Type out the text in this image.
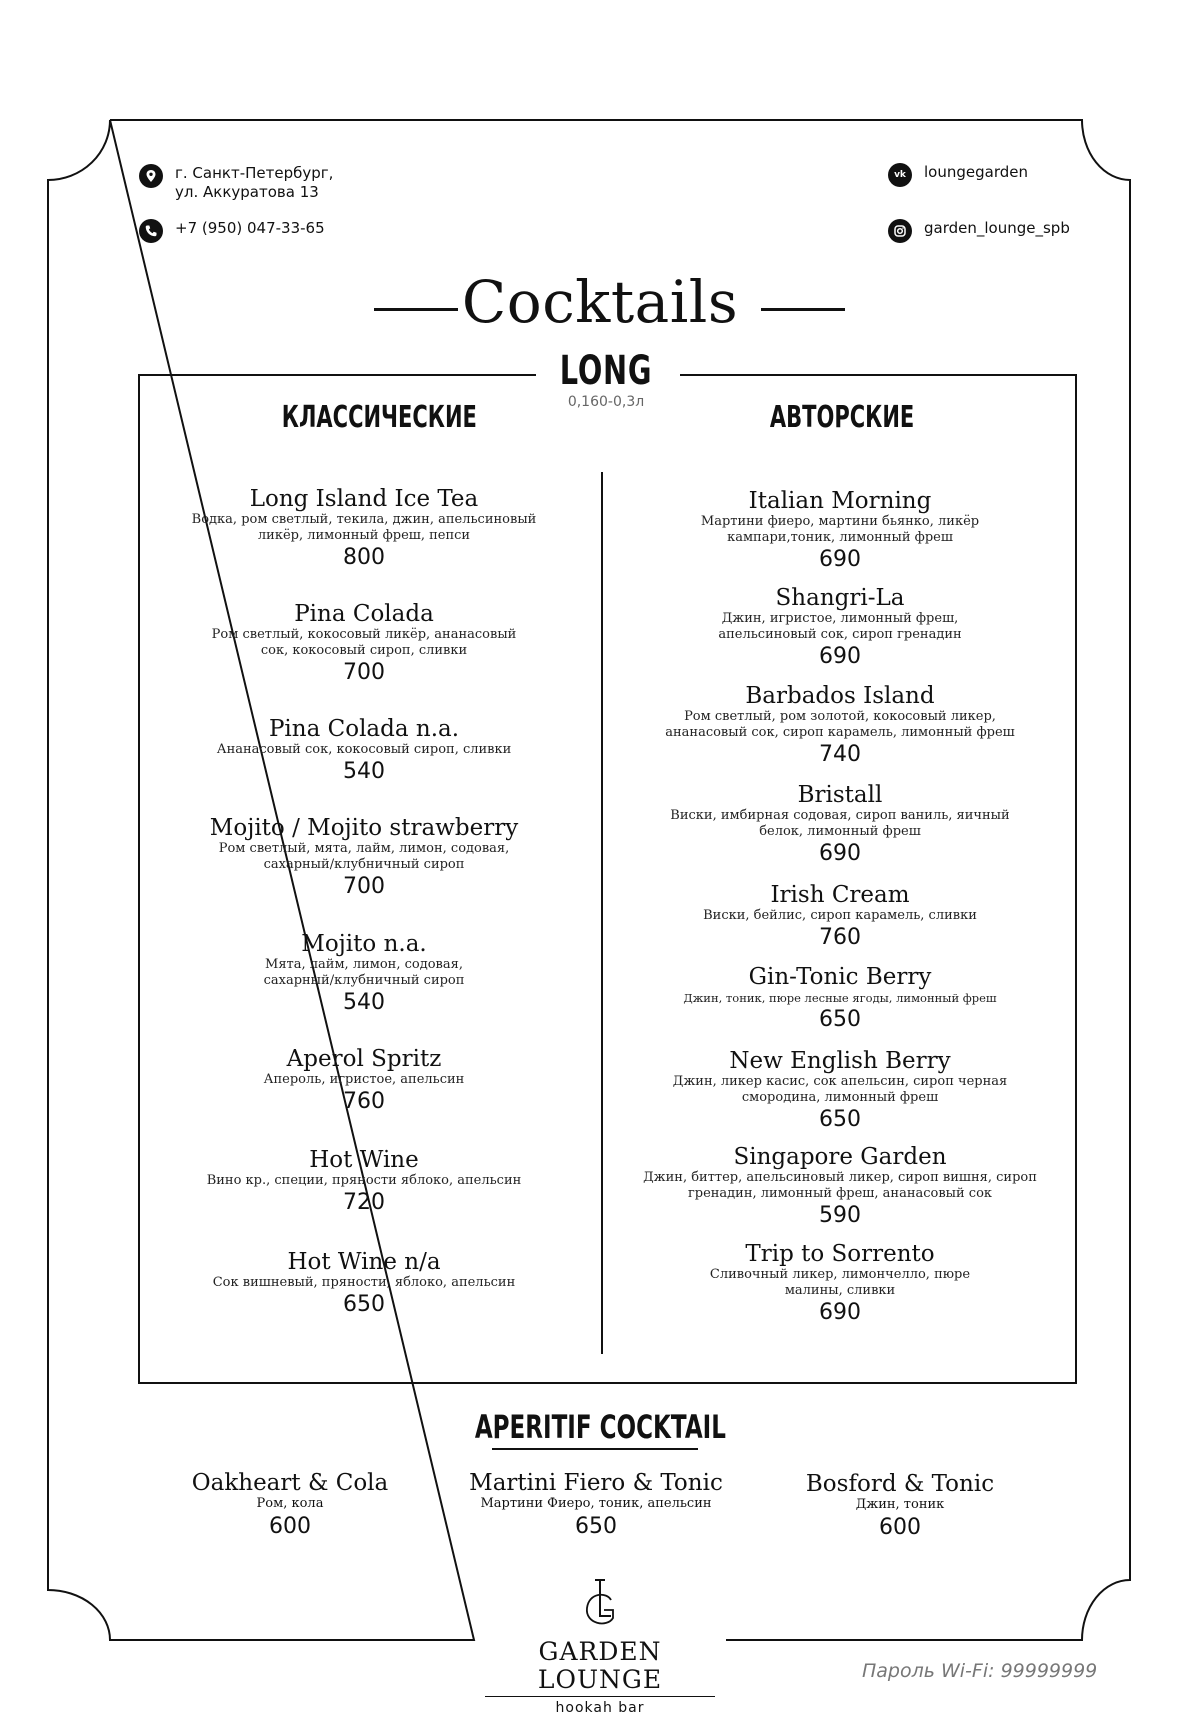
г. Санкт-Петербург,
ул. Аккуратова 13
+7 (950) 047-33-65
vk	loungegarden
garden_lounge_spb
Cocktails
LONG
0,160-0,3л
КЛАССИЧЕСКИЕ	АВТОРСКИЕ
Long Island Ice Tea
Водка, ром светлый, текила, джин, апельсиновый
ликёр, лимонный фреш, пепси
800
Pina Colada
Ром светлый, кокосовый ликёр, ананасовый
сок, кокосовый сироп, сливки
700
Pina Colada n.a.
Ананасовый сок, кокосовый сироп, сливки
540
Mojito / Mojito strawberry
Ром светлый, мята, лайм, лимон, содовая,
сахарный/клубничный сироп
700
Mojito n.a.
Мята, лайм, лимон, содовая,
сахарный/клубничный сироп
540
Aperol Spritz
Апероль, игристое, апельсин
760
Hot Wine
Вино кр., специи, пряности яблоко, апельсин
720
Hot Wine n/a
Сок вишневый, пряности, яблоко, апельсин
650
Italian Morning
Мартини фиеро, мартини бьянко, ликёр
кампари,тоник, лимонный фреш
690
Shangri-La
Джин, игристое, лимонный фреш,
апельсиновый сок, сироп гренадин
690
Barbados Island
Ром светлый, ром золотой, кокосовый ликер,
ананасовый сок, сироп карамель, лимонный фреш
740
Bristall
Виски, имбирная содовая, сироп ваниль, яичный
белок, лимонный фреш
690
Irish Cream
Виски, бейлис, сироп карамель, сливки
760
Gin-Tonic Berry
Джин, тоник, пюре лесные ягоды, лимонный фреш
650
New English Berry
Джин, ликер касис, сок апельсин, сироп черная
смородина, лимонный фреш
650
Singapore Garden
Джин, биттер, апельсиновый ликер, сироп вишня, сироп
гренадин, лимонный фреш, ананасовый сок
590
Trip to Sorrento
Сливочный ликер, лимончелло, пюре
малины, сливки
690
APERITIF COCKTAIL
Oakheart & Cola
Ром, кола
600
Martini Fiero & Tonic
Мартини Фиеро, тоник, апельсин
650
Bosford & Tonic
Джин, тоник
600
GARDEN LOUNGE
hookah bar
Пароль Wi-Fi: 99999999
